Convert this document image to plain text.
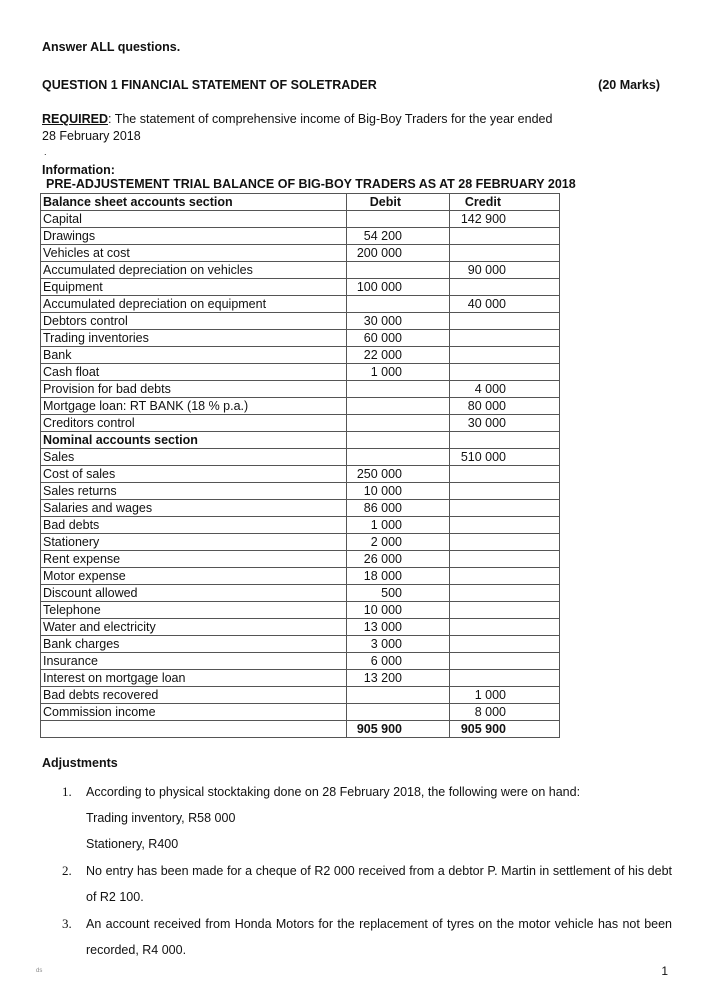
Answer ALL questions.
QUESTION 1 FINANCIAL STATEMENT OF SOLETRADER	(20 Marks)
REQUIRED: The statement of comprehensive income of Big-Boy Traders for the year ended
28 February 2018
.
Information:
PRE-ADJUSTEMENT TRIAL BALANCE OF BIG-BOY TRADERS AS AT 28 FEBRUARY 2018
Balance sheet accounts section	Debit	Credit
Capital		142 900
Drawings	54 200	
Vehicles at cost	200 000	
Accumulated depreciation on vehicles		90 000
Equipment	100 000	
Accumulated depreciation on equipment		40 000
Debtors control	30 000	
Trading inventories	60 000	
Bank	22 000	
Cash float	1 000	
Provision for bad debts		4 000
Mortgage loan: RT BANK (18 % p.a.)		80 000
Creditors control		30 000
Nominal accounts section		
Sales		510 000
Cost of sales	250 000	
Sales returns	10 000	
Salaries and wages	86 000	
Bad debts	1 000	
Stationery	2 000	
Rent expense	26 000	
Motor expense	18 000	
Discount allowed	500	
Telephone	10 000	
Water and electricity	13 000	
Bank charges	3 000	
Insurance	6 000	
Interest on mortgage loan	13 200	
Bad debts recovered		1 000
Commission income		8 000
	905 900	905 900
Adjustments
1. According to physical stocktaking done on 28 February 2018, the following were on hand:
Trading inventory, R58 000
Stationery, R400
2. No entry has been made for a cheque of R2 000 received from a debtor P. Martin in settlement of his debt of R2 100.
3. An account received from Honda Motors for the replacement of tyres on the motor vehicle has not been recorded, R4 000.
ds	1
